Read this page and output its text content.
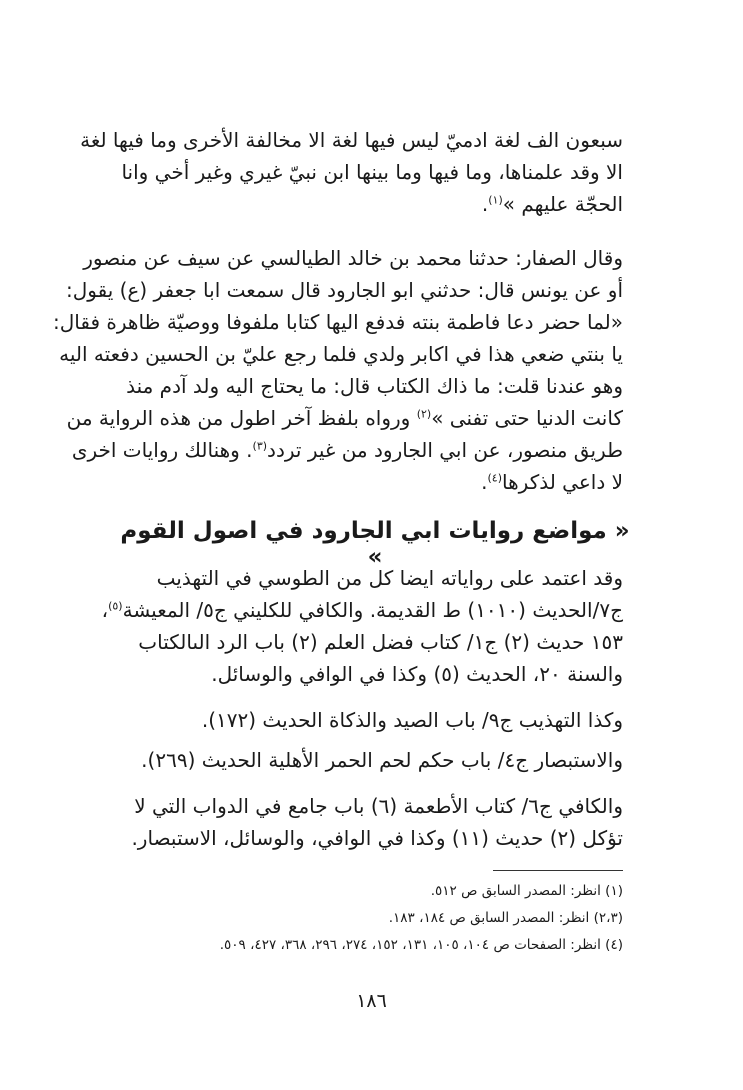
سبعون الف لغة ادميّ ليس فيها لغة الا مخالفة الأخرى وما فيها لغة
الا وقد علمناها، وما فيها وما بينها ابن نبيّ غيري وغير أخي وانا
الحجّة عليهم »$^{(١)}$.
وقال الصفار: حدثنا محمد بن خالد الطيالسي عن سيف عن منصور
أو عن يونس قال: حدثني ابو الجارود قال سمعت ابا جعفر (ع) يقول:
«لما حضر دعا فاطمة بنته فدفع اليها كتابا ملفوفا ووصيّة ظاهرة فقال:
يا بنتي ضعي هذا في اكابر ولدي فلما رجع عليّ بن الحسين دفعته اليه
وهو عندنا قلت: ما ذاك الكتاب قال: ما يحتاج اليه ولد آدم منذ
كانت الدنيا حتى تفنى »$^{(٢)}$ ورواه بلفظ آخر اطول من هذه الرواية من
طريق منصور، عن ابي الجارود من غير تردد$^{(٣)}$. وهنالك روايات اخرى
لا داعي لذكرها$^{(٤)}$.
« مواضع روايات ابي الجارود في اصول القوم »
وقد اعتمد على رواياته ايضا كل من الطوسي في التهذيب
ج٧/الحديث (١٠١٠) ط القديمة. والكافي للكليني ج٥/ المعيشة$^{(٥)}$،
١٥٣ حديث (٢) ج١/ كتاب فضل العلم (٢) باب الرد الىالكتاب
والسنة ٢٠، الحديث (٥) وكذا في الوافي والوسائل.
وكذا التهذيب ج٩/ باب الصيد والذكاة الحديث (١٧٢).
والاستبصار ج٤/ باب حكم لحم الحمر الأهلية الحديث (٢٦٩).
والكافي ج٦/ كتاب الأطعمة (٦) باب جامع في الدواب التي لا
تؤكل (٢) حديث (١١) وكذا في الوافي، والوسائل، الاستبصار.
(١) انظر: المصدر السابق ص ٥١٢.
(٢،٣) انظر: المصدر السابق ص ١٨٤، ١٨٣.
(٤) انظر: الصفحات ص ١٠٤، ١٠٥، ١٣١، ١٥٢، ٢٧٤، ٢٩٦، ٣٦٨، ٤٢٧، ٥٠٩.
١٨٦
